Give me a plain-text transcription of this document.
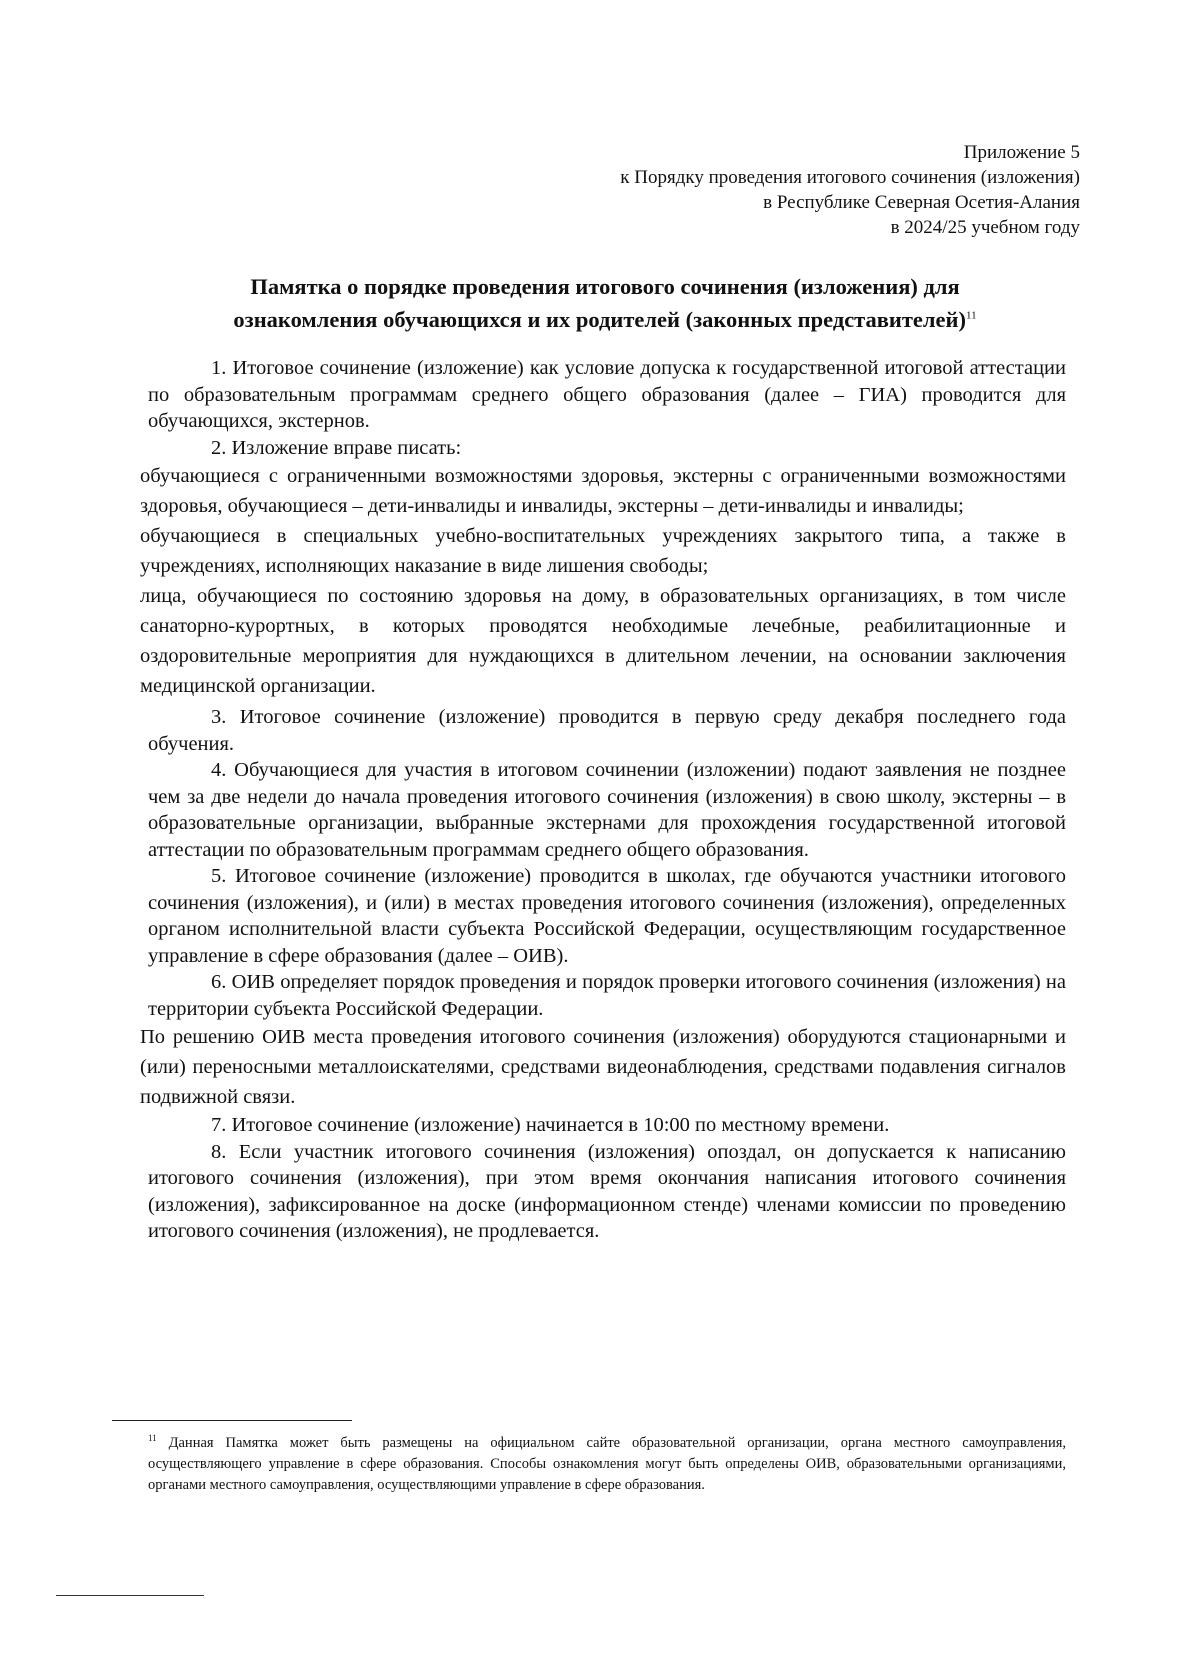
Приложение 5
к Порядку проведения итогового сочинения (изложения)
в Республике Северная Осетия-Алания
в 2024/25 учебном году
Памятка о порядке проведения итогового сочинения (изложения) для
ознакомления обучающихся и их родителей (законных представителей)$^{11}$

1. Итоговое сочинение (изложение) как условие допуска к государственной итоговой аттестации по образовательным программам среднего общего образования (далее – ГИА) проводится для обучающихся, экстернов.

2. Изложение вправе писать:

обучающиеся с ограниченными возможностями здоровья, экстерны с ограниченными возможностями здоровья, обучающиеся – дети-инвалиды и инвалиды, экстерны – дети-инвалиды и инвалиды;

обучающиеся в специальных учебно-воспитательных учреждениях закрытого типа, а также в учреждениях, исполняющих наказание в виде лишения свободы;

лица, обучающиеся по состоянию здоровья на дому, в образовательных организациях, в том числе санаторно-курортных, в которых проводятся необходимые лечебные, реабилитационные и оздоровительные мероприятия для нуждающихся в длительном лечении, на основании заключения медицинской организации.

3. Итоговое сочинение (изложение) проводится в первую среду декабря последнего года обучения.

4. Обучающиеся для участия в итоговом сочинении (изложении) подают заявления не позднее чем за две недели до начала проведения итогового сочинения (изложения) в свою школу, экстерны – в образовательные организации, выбранные экстернами для прохождения государственной итоговой аттестации по образовательным программам среднего общего образования.

5. Итоговое сочинение (изложение) проводится в школах, где обучаются участники итогового сочинения (изложения), и (или) в местах проведения итогового сочинения (изложения), определенных органом исполнительной власти субъекта Российской Федерации, осуществляющим государственное управление в сфере образования (далее – ОИВ).

6. ОИВ определяет порядок проведения и порядок проверки итогового сочинения (изложения) на территории субъекта Российской Федерации.

По решению ОИВ места проведения итогового сочинения (изложения) оборудуются стационарными и (или) переносными металлоискателями, средствами видеонаблюдения, средствами подавления сигналов подвижной связи.

7. Итоговое сочинение (изложение) начинается в 10:00 по местному времени.

8. Если участник итогового сочинения (изложения) опоздал, он допускается к написанию итогового сочинения (изложения), при этом время окончания написания итогового сочинения (изложения), зафиксированное на доске (информационном стенде) членами комиссии по проведению итогового сочинения (изложения), не продлевается.

$^{11}$ Данная Памятка может быть размещены на официальном сайте образовательной организации, органа местного самоуправления, осуществляющего управление в сфере образования. Способы ознакомления могут быть определены ОИВ, образовательными организациями, органами местного самоуправления, осуществляющими управление в сфере образования.
